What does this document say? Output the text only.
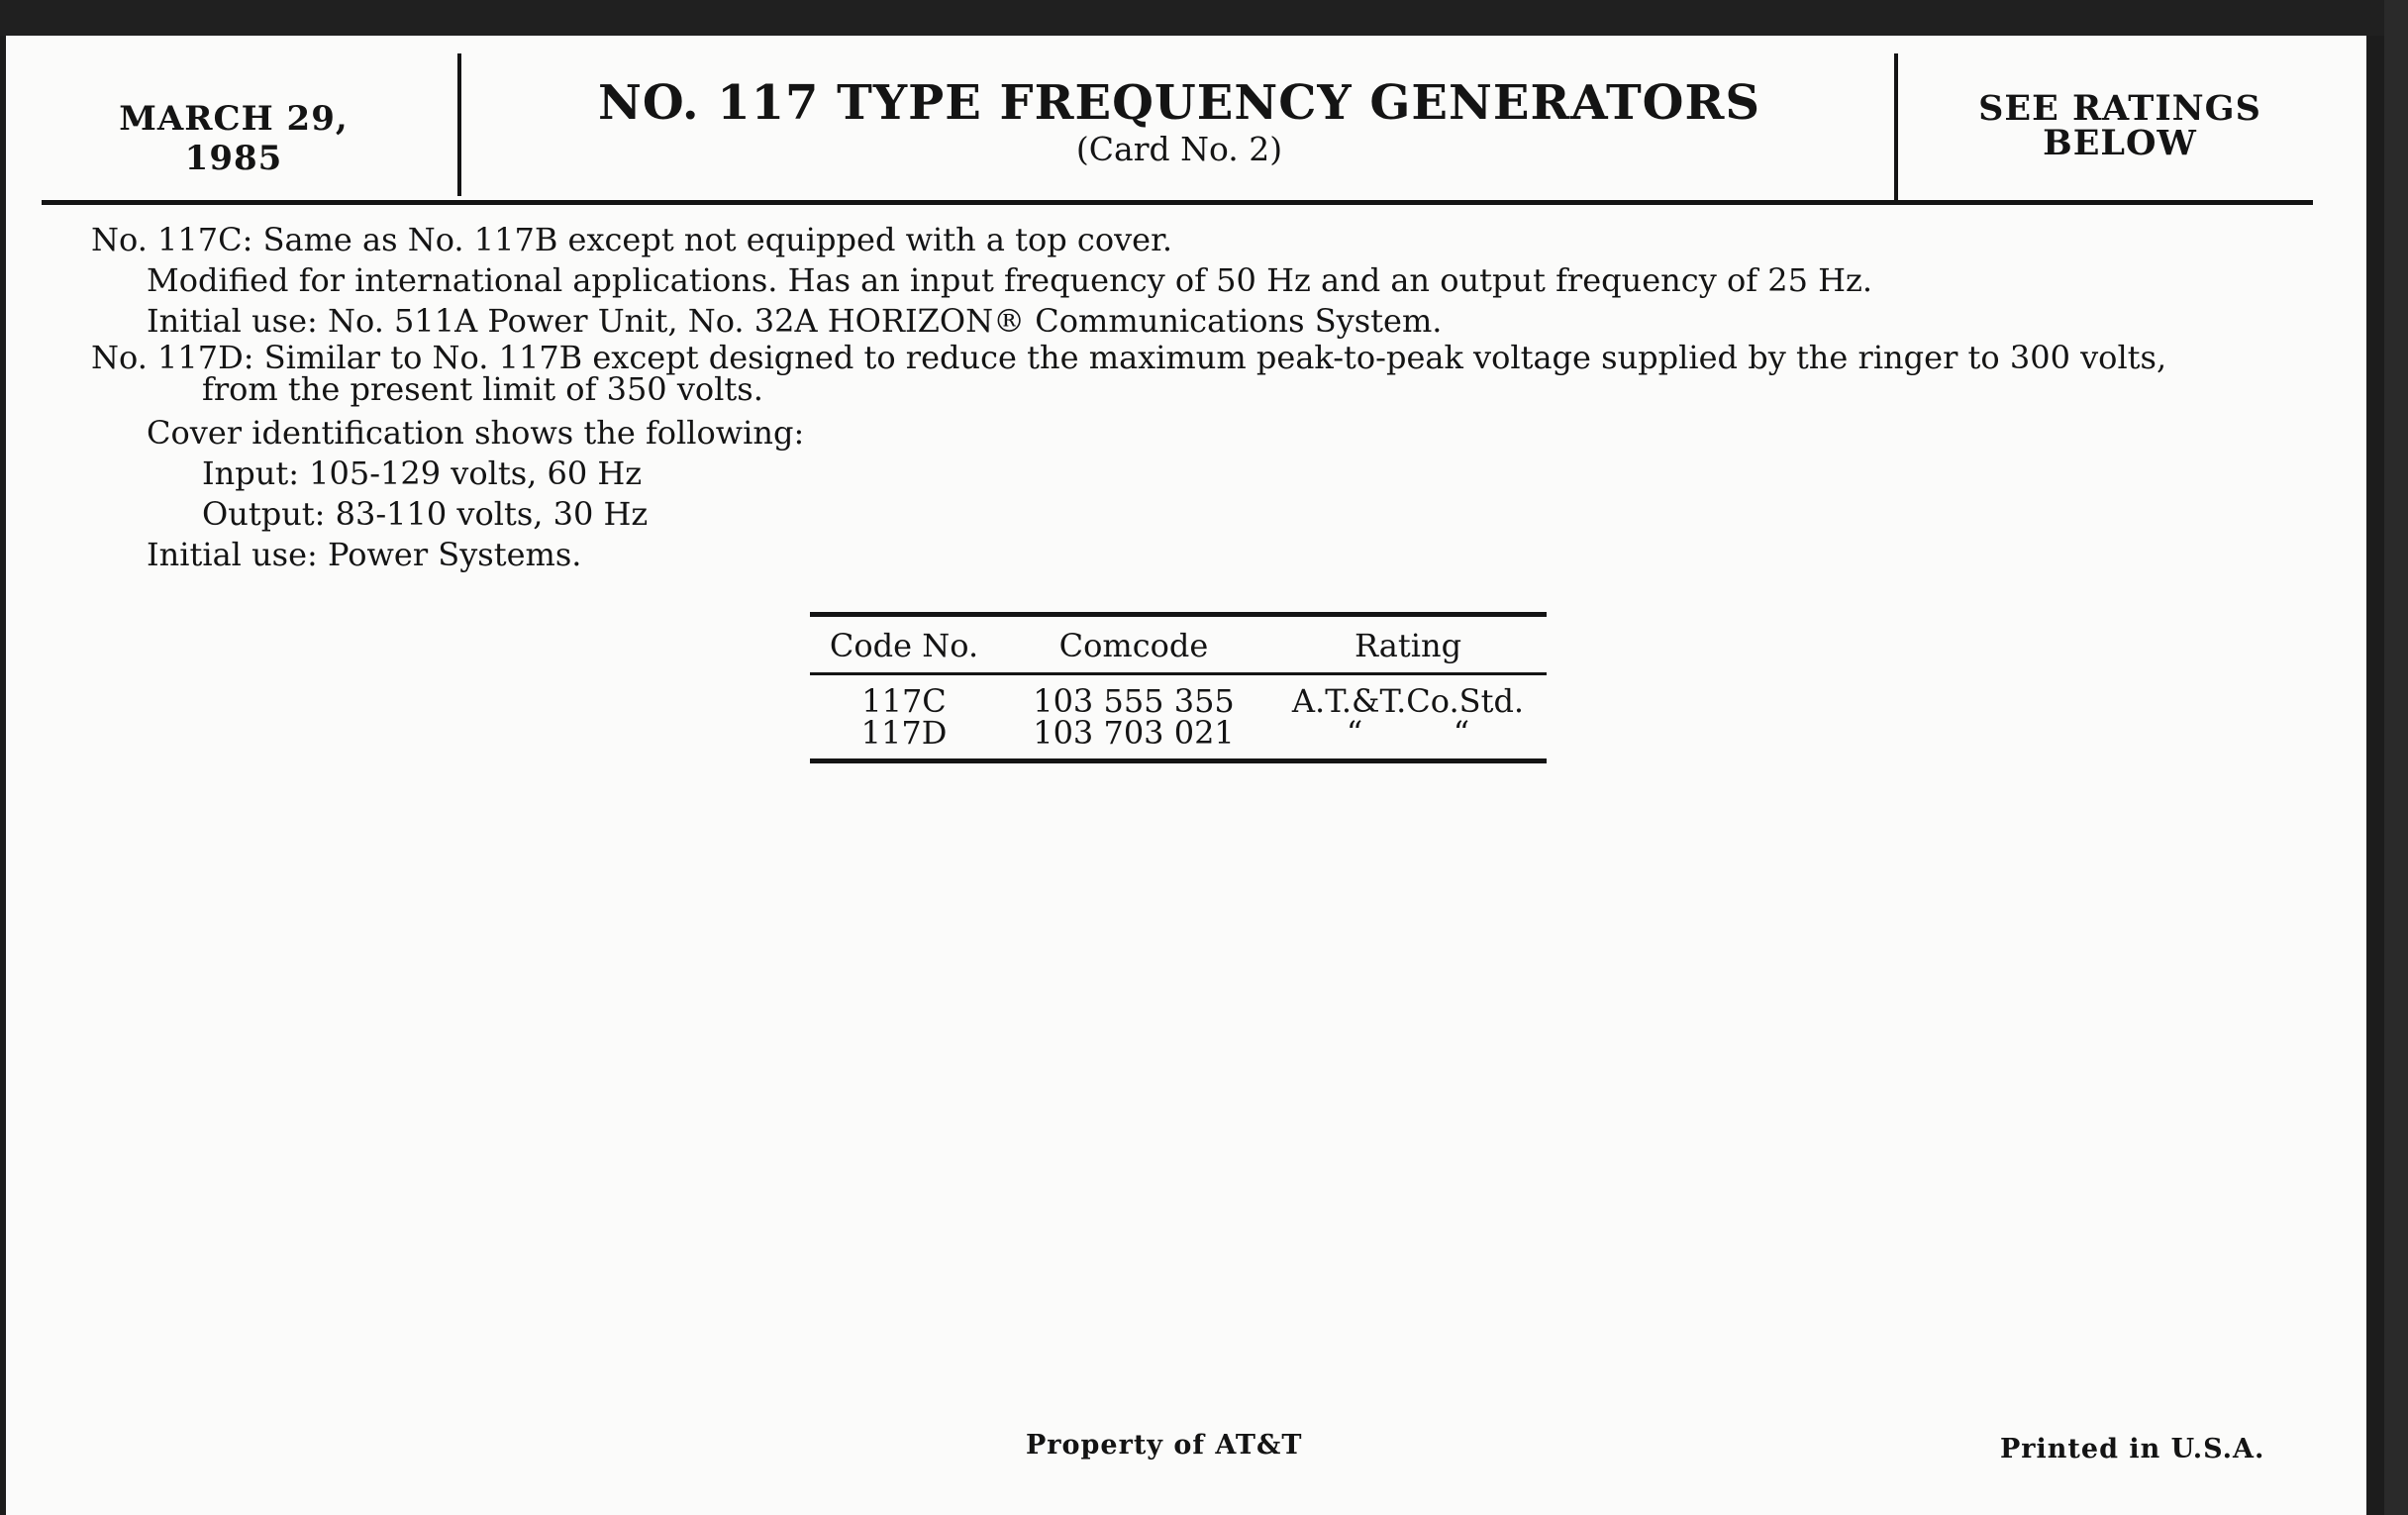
MARCH 29, 1985
NO. 117 TYPE FREQUENCY GENERATORS
(Card No. 2)
SEE RATINGS
BELOW
No. 117C: Same as No. 117B except not equipped with a top cover.
Modified for international applications. Has an input frequency of 50 Hz and an output frequency of 25 Hz.
Initial use: No. 511A Power Unit, No. 32A HORIZON® Communications System.
No. 117D: Similar to No. 117B except designed to reduce the maximum peak-to-peak voltage supplied by the ringer to 300 volts,
from the present limit of 350 volts.
Cover identification shows the following:
Input: 105-129 volts, 60 Hz
Output: 83-110 volts, 30 Hz
Initial use: Power Systems.
Code No.	Comcode	Rating
117C	103 555 355	A.T.&T.Co.Std.
117D	103 703 021	“         “
Property of AT&T	Printed in U.S.A.
